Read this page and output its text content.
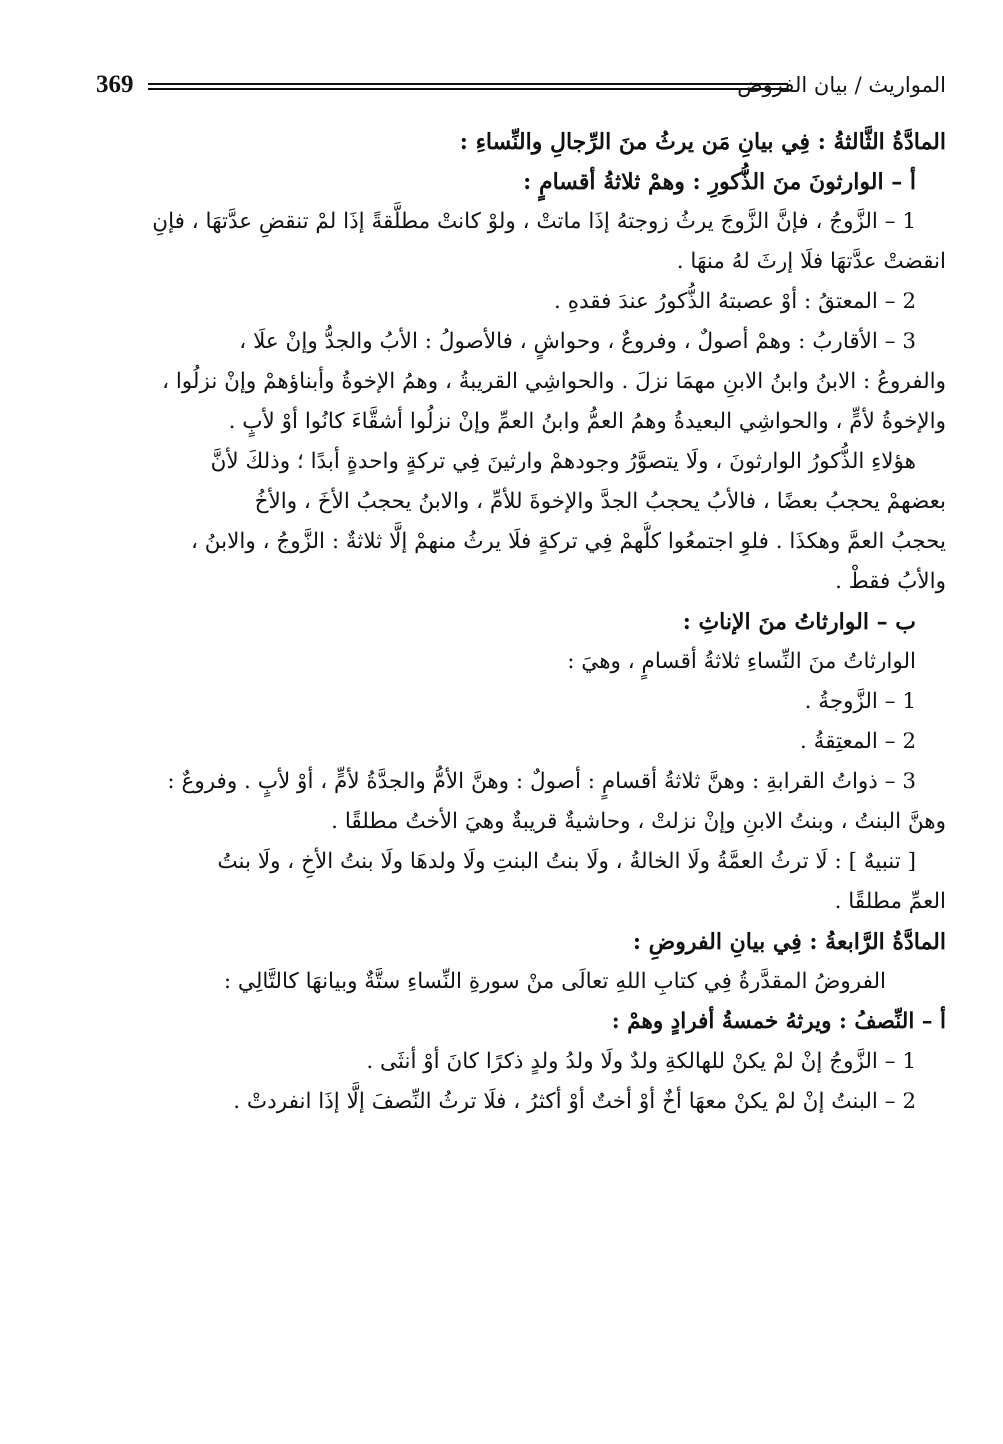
369	المواريث / بيان الفروض
المادَّةُ الثَّالثةُ : فِي بيانِ مَن يرثُ منَ الرِّجالِ والنِّساءِ :
أ – الوارثونَ منَ الذُّكورِ : وهمْ ثلاثةُ أقسامٍ :
1 – الزَّوجُ ، فإنَّ الزَّوجَ يرثُ زوجتهُ إذَا ماتتْ ، ولوْ كانتْ مطلَّقةً إذَا لمْ تنقضِ عدَّتهَا ، فإنِ
انقضتْ عدَّتهَا فلَا إرثَ لهُ منهَا .
2 – المعتقُ : أوْ عصبتهُ الذُّكورُ عندَ فقدهِ .
3 – الأقاربُ : وهمْ أصولٌ ، وفروعٌ ، وحواشٍ ، فالأصولُ : الأبُ والجدُّ وإنْ علَا ،
والفروعُ : الابنُ وابنُ الابنِ مهمَا نزلَ . والحواشِي القريبةُ ، وهمُ الإخوةُ وأبناؤهمْ وإنْ نزلُوا ،
والإخوةُ لأمٍّ ، والحواشِي البعيدةُ وهمُ العمُّ وابنُ العمِّ وإنْ نزلُوا أشقَّاءَ كانُوا أوْ لأبٍ .
هؤلاءِ الذُّكورُ الوارثونَ ، ولَا يتصوَّرُ وجودهمْ وارثينَ فِي تركةٍ واحدةٍ أبدًا ؛ وذلكَ لأنَّ
بعضهمْ يحجبُ بعضًا ، فالأبُ يحجبُ الجدَّ والإخوةَ للأمِّ ، والابنُ يحجبُ الأخَ ، والأخُ
يحجبُ العمَّ وهكذَا . فلوِ اجتمعُوا كلُّهمْ فِي تركةٍ فلَا يرثُ منهمْ إلَّا ثلاثةٌ : الزَّوجُ ، والابنُ ،
والأبُ فقطْ .
ب – الوارثاتُ منَ الإناثِ :
الوارثاتُ منَ النِّساءِ ثلاثةُ أقسامٍ ، وهيَ :
1 – الزَّوجةُ .
2 – المعتِقةُ .
3 – ذواتُ القرابةِ : وهنَّ ثلاثةُ أقسامٍ : أصولٌ : وهنَّ الأمُّ والجدَّةُ لأمٍّ ، أوْ لأبٍ . وفروعٌ :
وهنَّ البنتُ ، وبنتُ الابنِ وإنْ نزلتْ ، وحاشيةٌ قريبةٌ وهيَ الأختُ مطلقًا .
[ تنبيهٌ ] : لَا ترثُ العمَّةُ ولَا الخالةُ ، ولَا بنتُ البنتِ ولَا ولدهَا ولَا بنتُ الأخِ ، ولَا بنتُ
العمِّ مطلقًا .
المادَّةُ الرَّابعةُ : فِي بيانِ الفروضِ :
الفروضُ المقدَّرةُ فِي كتابِ اللهِ تعالَى منْ سورةِ النِّساءِ ستَّةٌ وبيانهَا كالتَّالِي :
أ – النِّصفُ : ويرثهُ خمسةُ أفرادٍ وهمْ :
1 – الزَّوجُ إنْ لمْ يكنْ للهالكةِ ولدٌ ولَا ولدُ ولدٍ ذكرًا كانَ أوْ أنثَى .
2 – البنتُ إنْ لمْ يكنْ معهَا أخٌ أوْ أختٌ أوْ أكثرُ ، فلَا ترثُ النِّصفَ إلَّا إذَا انفردتْ .
